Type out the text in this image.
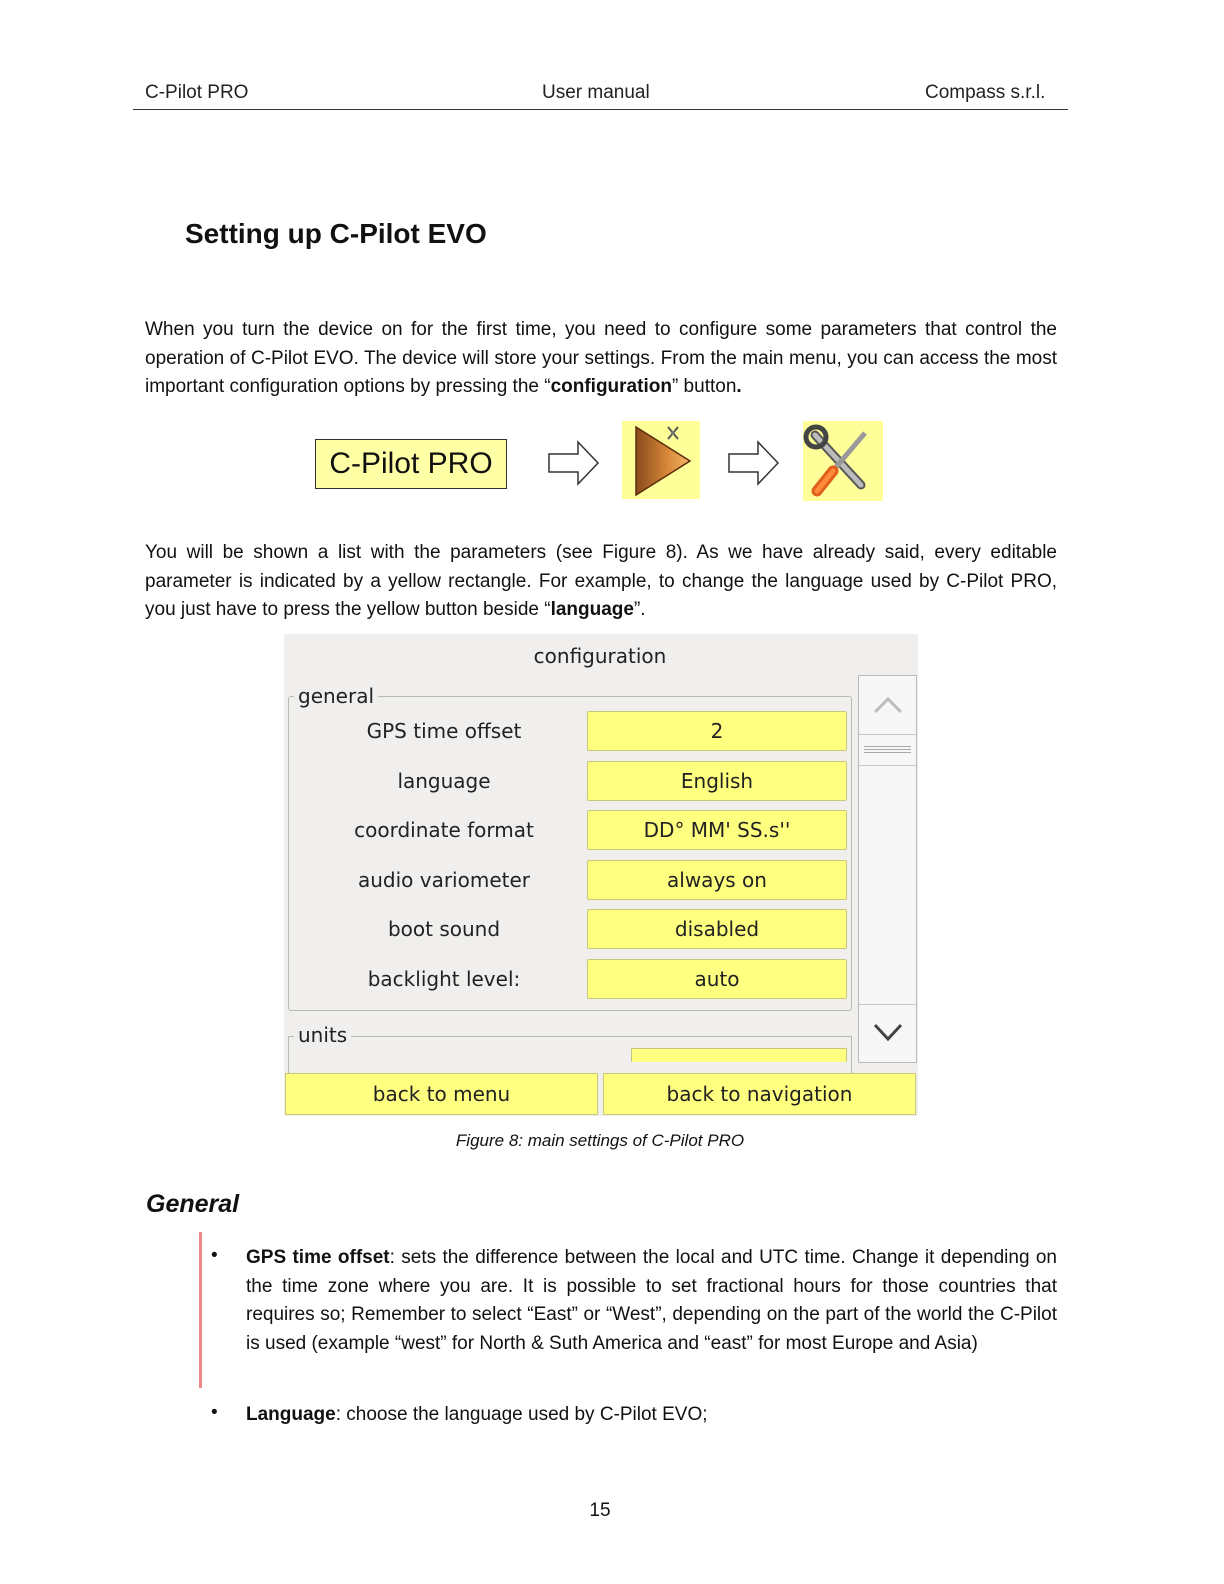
C-Pilot PRO	User manual	Compass s.r.l.
Setting up C-Pilot EVO

When you turn the device on for the first time, you need to configure some parameters that control the operation of C-Pilot EVO. The device will store your settings. From the main menu, you can access the most important configuration options by pressing the “configuration” button.

C-Pilot PRO

You will be shown a list with the parameters (see Figure 8). As we have already said, every editable parameter is indicated by a yellow rectangle. For example, to change the language used by C-Pilot PRO, you just have to press the yellow button beside “language”.

configuration
general
GPS time offset	2
language	English
coordinate format	DD° MM' SS.s''
audio variometer	always on
boot sound	disabled
backlight level:	auto
units
back to menu	back to navigation
Figure 8: main settings of C-Pilot PRO
General
• GPS time offset: sets the difference between the local and UTC time. Change it depending on the time zone where you are. It is possible to set fractional hours for those countries that requires so; Remember to select “East” or “West”, depending on the part of the world the C-Pilot is used (example “west” for North & Suth America and “east” for most Europe and Asia)

• Language: choose the language used by C-Pilot EVO;

15
